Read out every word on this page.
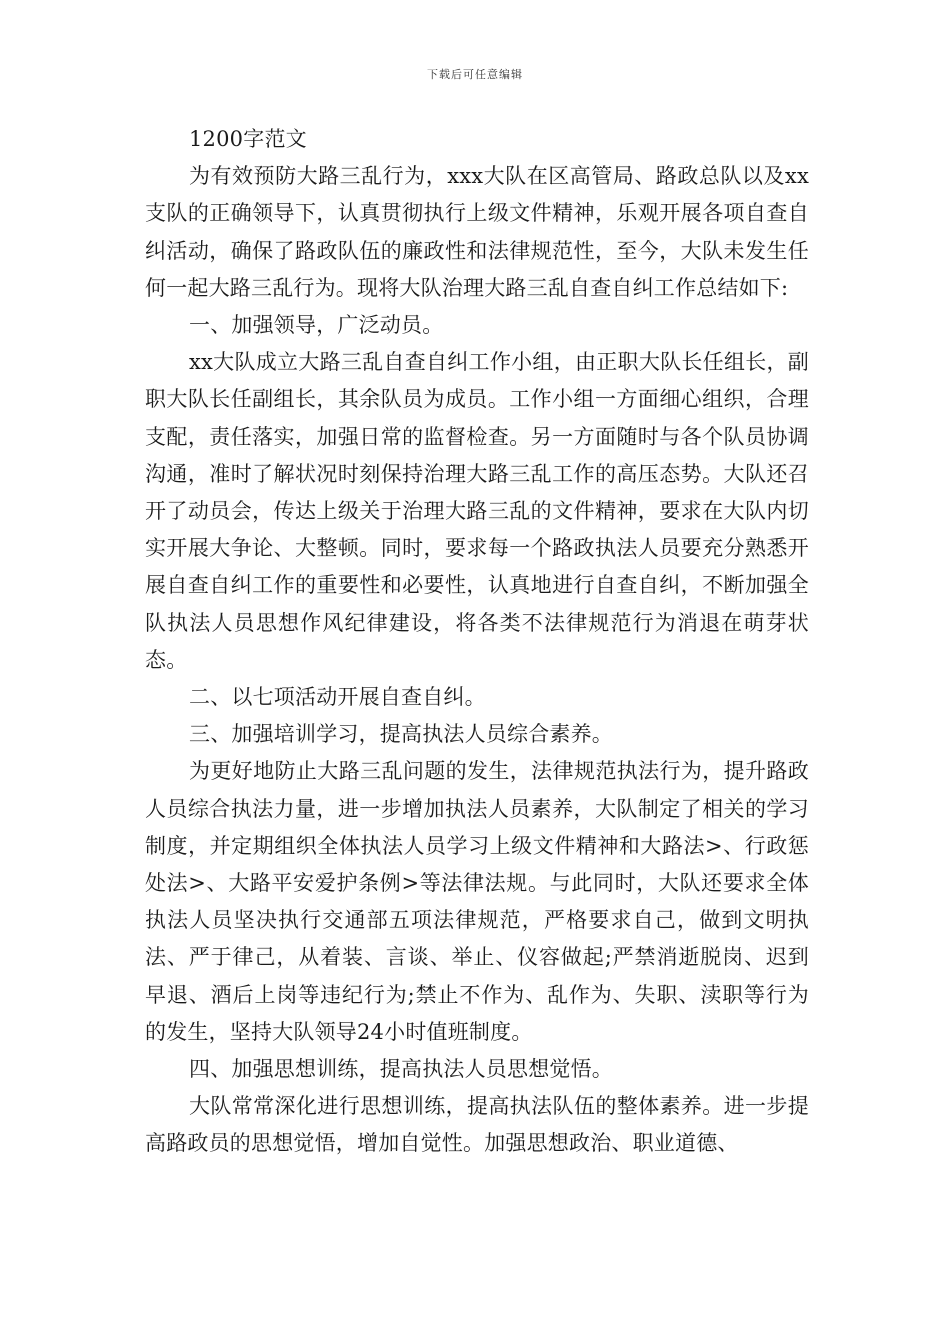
下载后可任意编辑

1200字范文

为有效预防大路三乱行为，xxx大队在区高管局、路政总队以及xx支队的正确领导下，认真贯彻执行上级文件精神，乐观开展各项自查自纠活动，确保了路政队伍的廉政性和法律规范性，至今，大队未发生任何一起大路三乱行为。现将大队治理大路三乱自查自纠工作总结如下:

一、加强领导，广泛动员。

xx大队成立大路三乱自查自纠工作小组，由正职大队长任组长，副职大队长任副组长，其余队员为成员。工作小组一方面细心组织，合理支配，责任落实，加强日常的监督检查。另一方面随时与各个队员协调沟通，准时了解状况时刻保持治理大路三乱工作的高压态势。大队还召开了动员会，传达上级关于治理大路三乱的文件精神，要求在大队内切实开展大争论、大整顿。同时，要求每一个路政执法人员要充分熟悉开展自查自纠工作的重要性和必要性，认真地进行自查自纠，不断加强全队执法人员思想作风纪律建设，将各类不法律规范行为消退在萌芽状态。

二、以七项活动开展自查自纠。

三、加强培训学习，提高执法人员综合素养。

为更好地防止大路三乱问题的发生，法律规范执法行为，提升路政人员综合执法力量，进一步增加执法人员素养，大队制定了相关的学习制度，并定期组织全体执法人员学习上级文件精神和大路法>、行政惩处法>、大路平安爱护条例>等法律法规。与此同时，大队还要求全体执法人员坚决执行交通部五项法律规范，严格要求自己，做到文明执法、严于律己，从着装、言谈、举止、仪容做起;严禁消逝脱岗、迟到早退、酒后上岗等违纪行为;禁止不作为、乱作为、失职、渎职等行为的发生，坚持大队领导24小时值班制度。

四、加强思想训练，提高执法人员思想觉悟。

大队常常深化进行思想训练，提高执法队伍的整体素养。进一步提高路政员的思想觉悟，增加自觉性。加强思想政治、职业道德、
